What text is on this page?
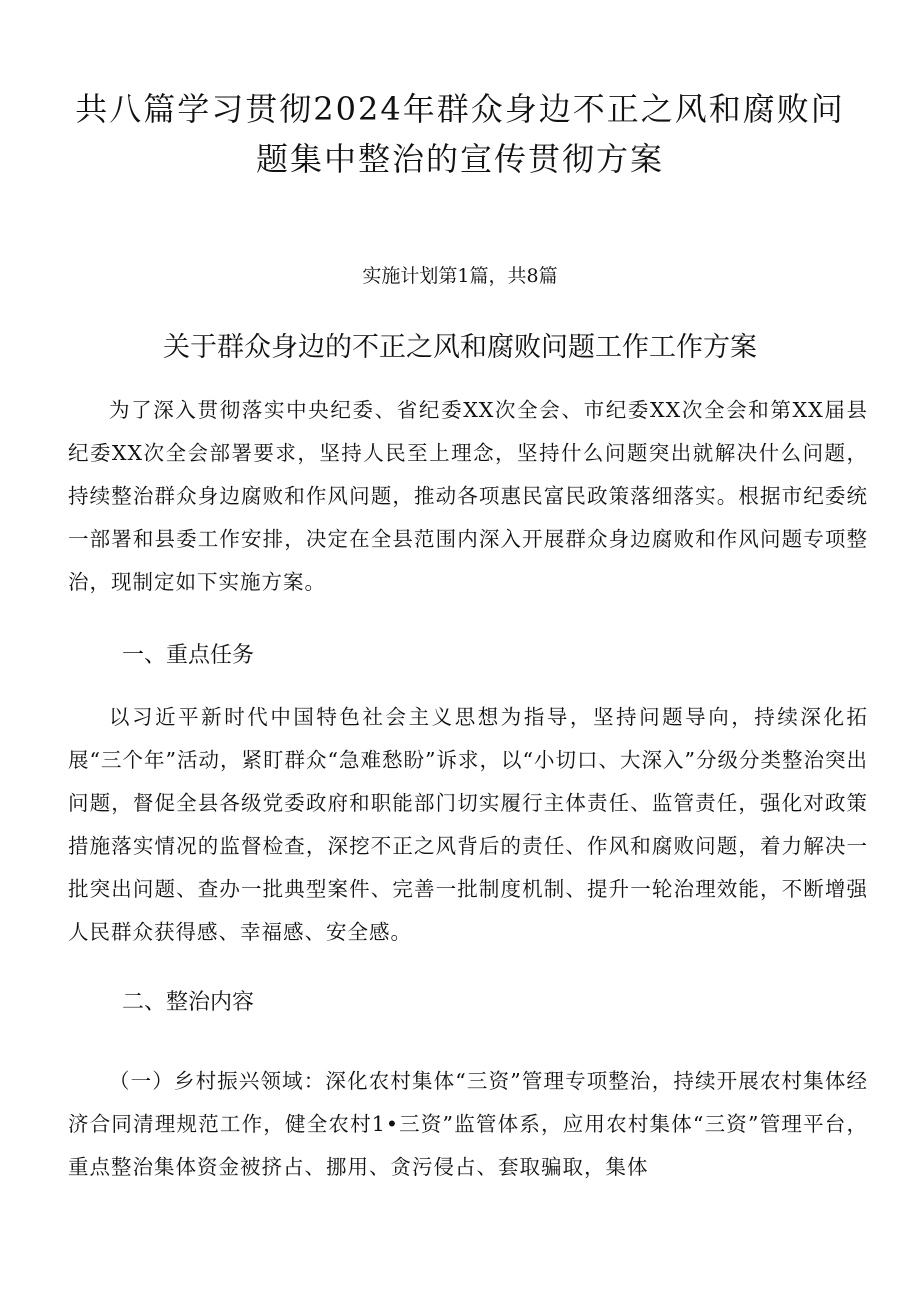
共八篇学习贯彻2024年群众身边不正之风和腐败问题集中整治的宣传贯彻方案
实施计划第1篇，共8篇
关于群众身边的不正之风和腐败问题工作工作方案

为了深入贯彻落实中央纪委、省纪委XX次全会、市纪委XX次全会和第XX届县纪委XX次全会部署要求，坚持人民至上理念，坚持什么问题突出就解决什么问题，持续整治群众身边腐败和作风问题，推动各项惠民富民政策落细落实。根据市纪委统一部署和县委工作安排，决定在全县范围内深入开展群众身边腐败和作风问题专项整治，现制定如下实施方案。

一、重点任务

以习近平新时代中国特色社会主义思想为指导，坚持问题导向，持续深化拓展“三个年”活动，紧盯群众“急难愁盼”诉求，以“小切口、大深入”分级分类整治突出问题，督促全县各级党委政府和职能部门切实履行主体责任、监管责任，强化对政策措施落实情况的监督检查，深挖不正之风背后的责任、作风和腐败问题，着力解决一批突出问题、查办一批典型案件、完善一批制度机制、提升一轮治理效能，不断增强人民群众获得感、幸福感、安全感。

二、整治内容

（一）乡村振兴领域：深化农村集体“三资”管理专项整治，持续开展农村集体经济合同清理规范工作，健全农村1•三资”监管体系，应用农村集体“三资”管理平台，重点整治集体资金被挤占、挪用、贪污侵占、套取骗取，集体
